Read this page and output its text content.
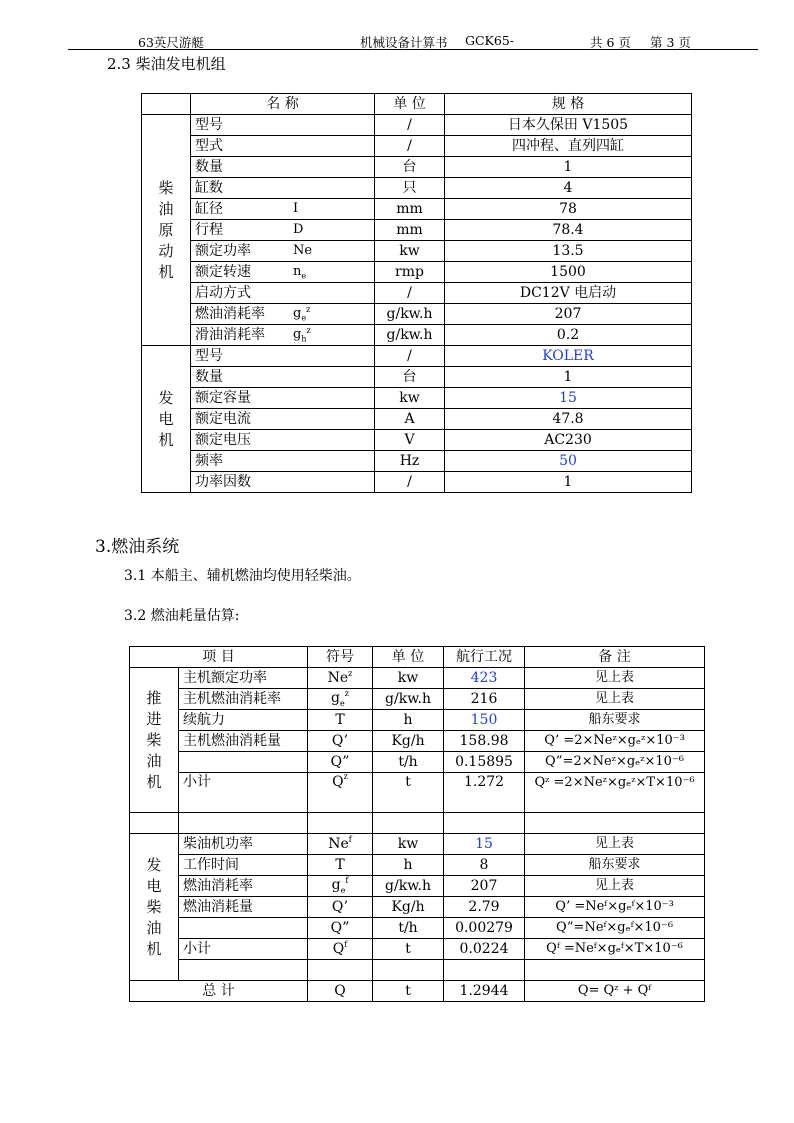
63英尺游艇	机械设备计算书 GCK65-	共 6 页 第 3 页
2.3 柴油发电机组
	名 称	单 位	规 格

柴
油
原
动
机	型号	/	日本久保田 V1505
	型式	/	四冲程、直列四缸
	数量	台	1
	缸数	只	4
	缸径 I	mm	78
	行程 D	mm	78.4
	额定功率 Ne	kw	13.5
	额定转速 $n_e$	rmp	1500
	启动方式	/	DC12V 电启动
	燃油消耗率 $g_e^z$	g/kw.h	207
	滑油消耗率 $g_h^z$	g/kw.h	0.2

发
电
机	型号	/	KOLER
	数量	台	1
	额定容量	kw	15
	额定电流	A	47.8
	额定电压	V	AC230
	频率	Hz	50
	功率因数	/	1
3.燃油系统
3.1 本船主、辅机燃油均使用轻柴油。
3.2 燃油耗量估算:
项 目		符号	单 位	航行工况	备 注

推
进
柴
油
机	主机额定功率	Ne$^z$	kw	423	见上表
	主机燃油消耗率	$g_e^z$	g/kw.h	216	见上表
	续航力	T	h	150	船东要求
	主机燃油消耗量	Q’	Kg/h	158.98	Q’ =2×Neᶻ×gₑᶻ×10⁻³
		Q”	t/h	0.15895	Q”=2×Neᶻ×gₑᶻ×10⁻⁶
	小计	$Q^z$	t	1.272	Qᶻ =2×Neᶻ×gₑᶻ×T×10⁻⁶

发
电
柴
油
机	柴油机功率	Ne$^f$	kw	15	见上表
	工作时间	T	h	8	船东要求
	燃油消耗率	$g_e^f$	g/kw.h	207	见上表
	燃油消耗量	Q’	Kg/h	2.79	Q’ =Neᶠ×gₑᶠ×10⁻³
		Q”	t/h	0.00279	Q”=Neᶠ×gₑᶠ×10⁻⁶
	小计	$Q^f$	t	0.0224	Qᶠ =Neᶠ×gₑᶠ×T×10⁻⁶

总 计		Q	t	1.2944	Q= Qᶻ + Qᶠ
